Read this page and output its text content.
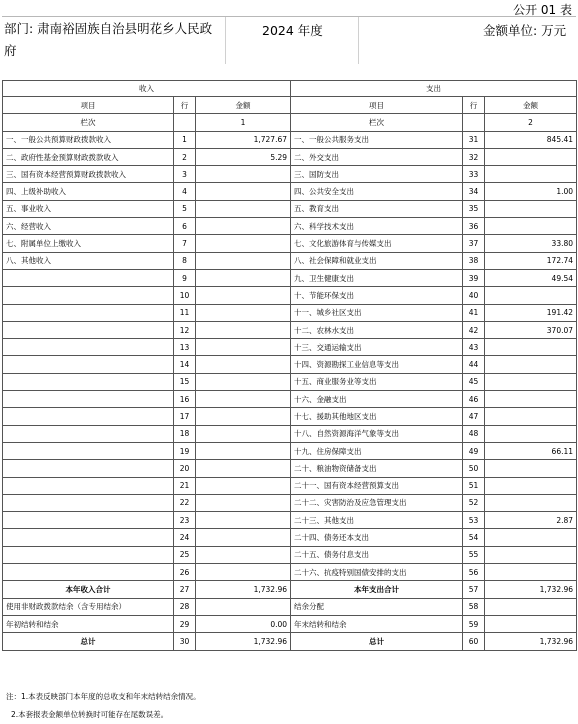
公开 01 表
部门: 肃南裕固族自治县明花乡人民政府
2024 年度	金额单位: 万元
收入			支出		
项目	行	金额	项目	行	金额
栏次		1	栏次		2
一、一般公共预算财政拨款收入	1	1,727.67	一、一般公共服务支出	31	845.41
二、政府性基金预算财政拨款收入	2	5.29	二、外交支出	32	
三、国有资本经营预算财政拨款收入	3		三、国防支出	33	
四、上级补助收入	4		四、公共安全支出	34	1.00
五、事业收入	5		五、教育支出	35	
六、经营收入	6		六、科学技术支出	36	
七、附属单位上缴收入	7		七、文化旅游体育与传媒支出	37	33.80
八、其他收入	8		八、社会保障和就业支出	38	172.74
	9		九、卫生健康支出	39	49.54
	10		十、节能环保支出	40	
	11		十一、城乡社区支出	41	191.42
	12		十二、农林水支出	42	370.07
	13		十三、交通运输支出	43	
	14		十四、资源勘探工业信息等支出	44	
	15		十五、商业服务业等支出	45	
	16		十六、金融支出	46	
	17		十七、援助其他地区支出	47	
	18		十八、自然资源海洋气象等支出	48	
	19		十九、住房保障支出	49	66.11
	20		二十、粮油物资储备支出	50	
	21		二十一、国有资本经营预算支出	51	
	22		二十二、灾害防治及应急管理支出	52	
	23		二十三、其他支出	53	2.87
	24		二十四、债务还本支出	54	
	25		二十五、债务付息支出	55	
	26		二十六、抗疫特别国债安排的支出	56	
本年收入合计	27	1,732.96	本年支出合计	57	1,732.96
使用非财政拨款结余（含专用结余）	28		结余分配	58	
年初结转和结余	29	0.00	年末结转和结余	59	
总计	30	1,732.96	总计	60	1,732.96
注：1.本表反映部门本年度的总收支和年末结转结余情况。
2.本套报表金额单位转换时可能存在尾数误差。
